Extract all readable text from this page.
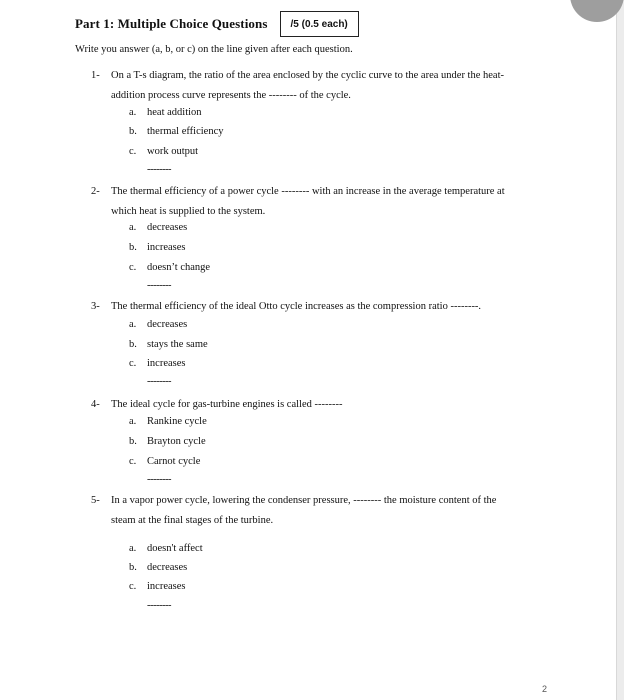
Part 1: Multiple Choice Questions	/5 (0.5 each)
Write you answer (a, b, or c) on the line given after each question.
1- On a T-s diagram, the ratio of the area enclosed by the cyclic curve to the area under the heat-
addition process curve represents the -------- of the cycle.
a. heat addition
b. thermal efficiency
c. work output
--------
2- The thermal efficiency of a power cycle -------- with an increase in the average temperature at
which heat is supplied to the system.
a. decreases
b. increases
c. doesn’t change
--------
3- The thermal efficiency of the ideal Otto cycle increases as the compression ratio --------.
a. decreases
b. stays the same
c. increases
--------
4- The ideal cycle for gas-turbine engines is called --------
a. Rankine cycle
b. Brayton cycle
c. Carnot cycle
--------
5- In a vapor power cycle, lowering the condenser pressure, -------- the moisture content of the
steam at the final stages of the turbine.
a. doesn't affect
b. decreases
c. increases
--------
2
